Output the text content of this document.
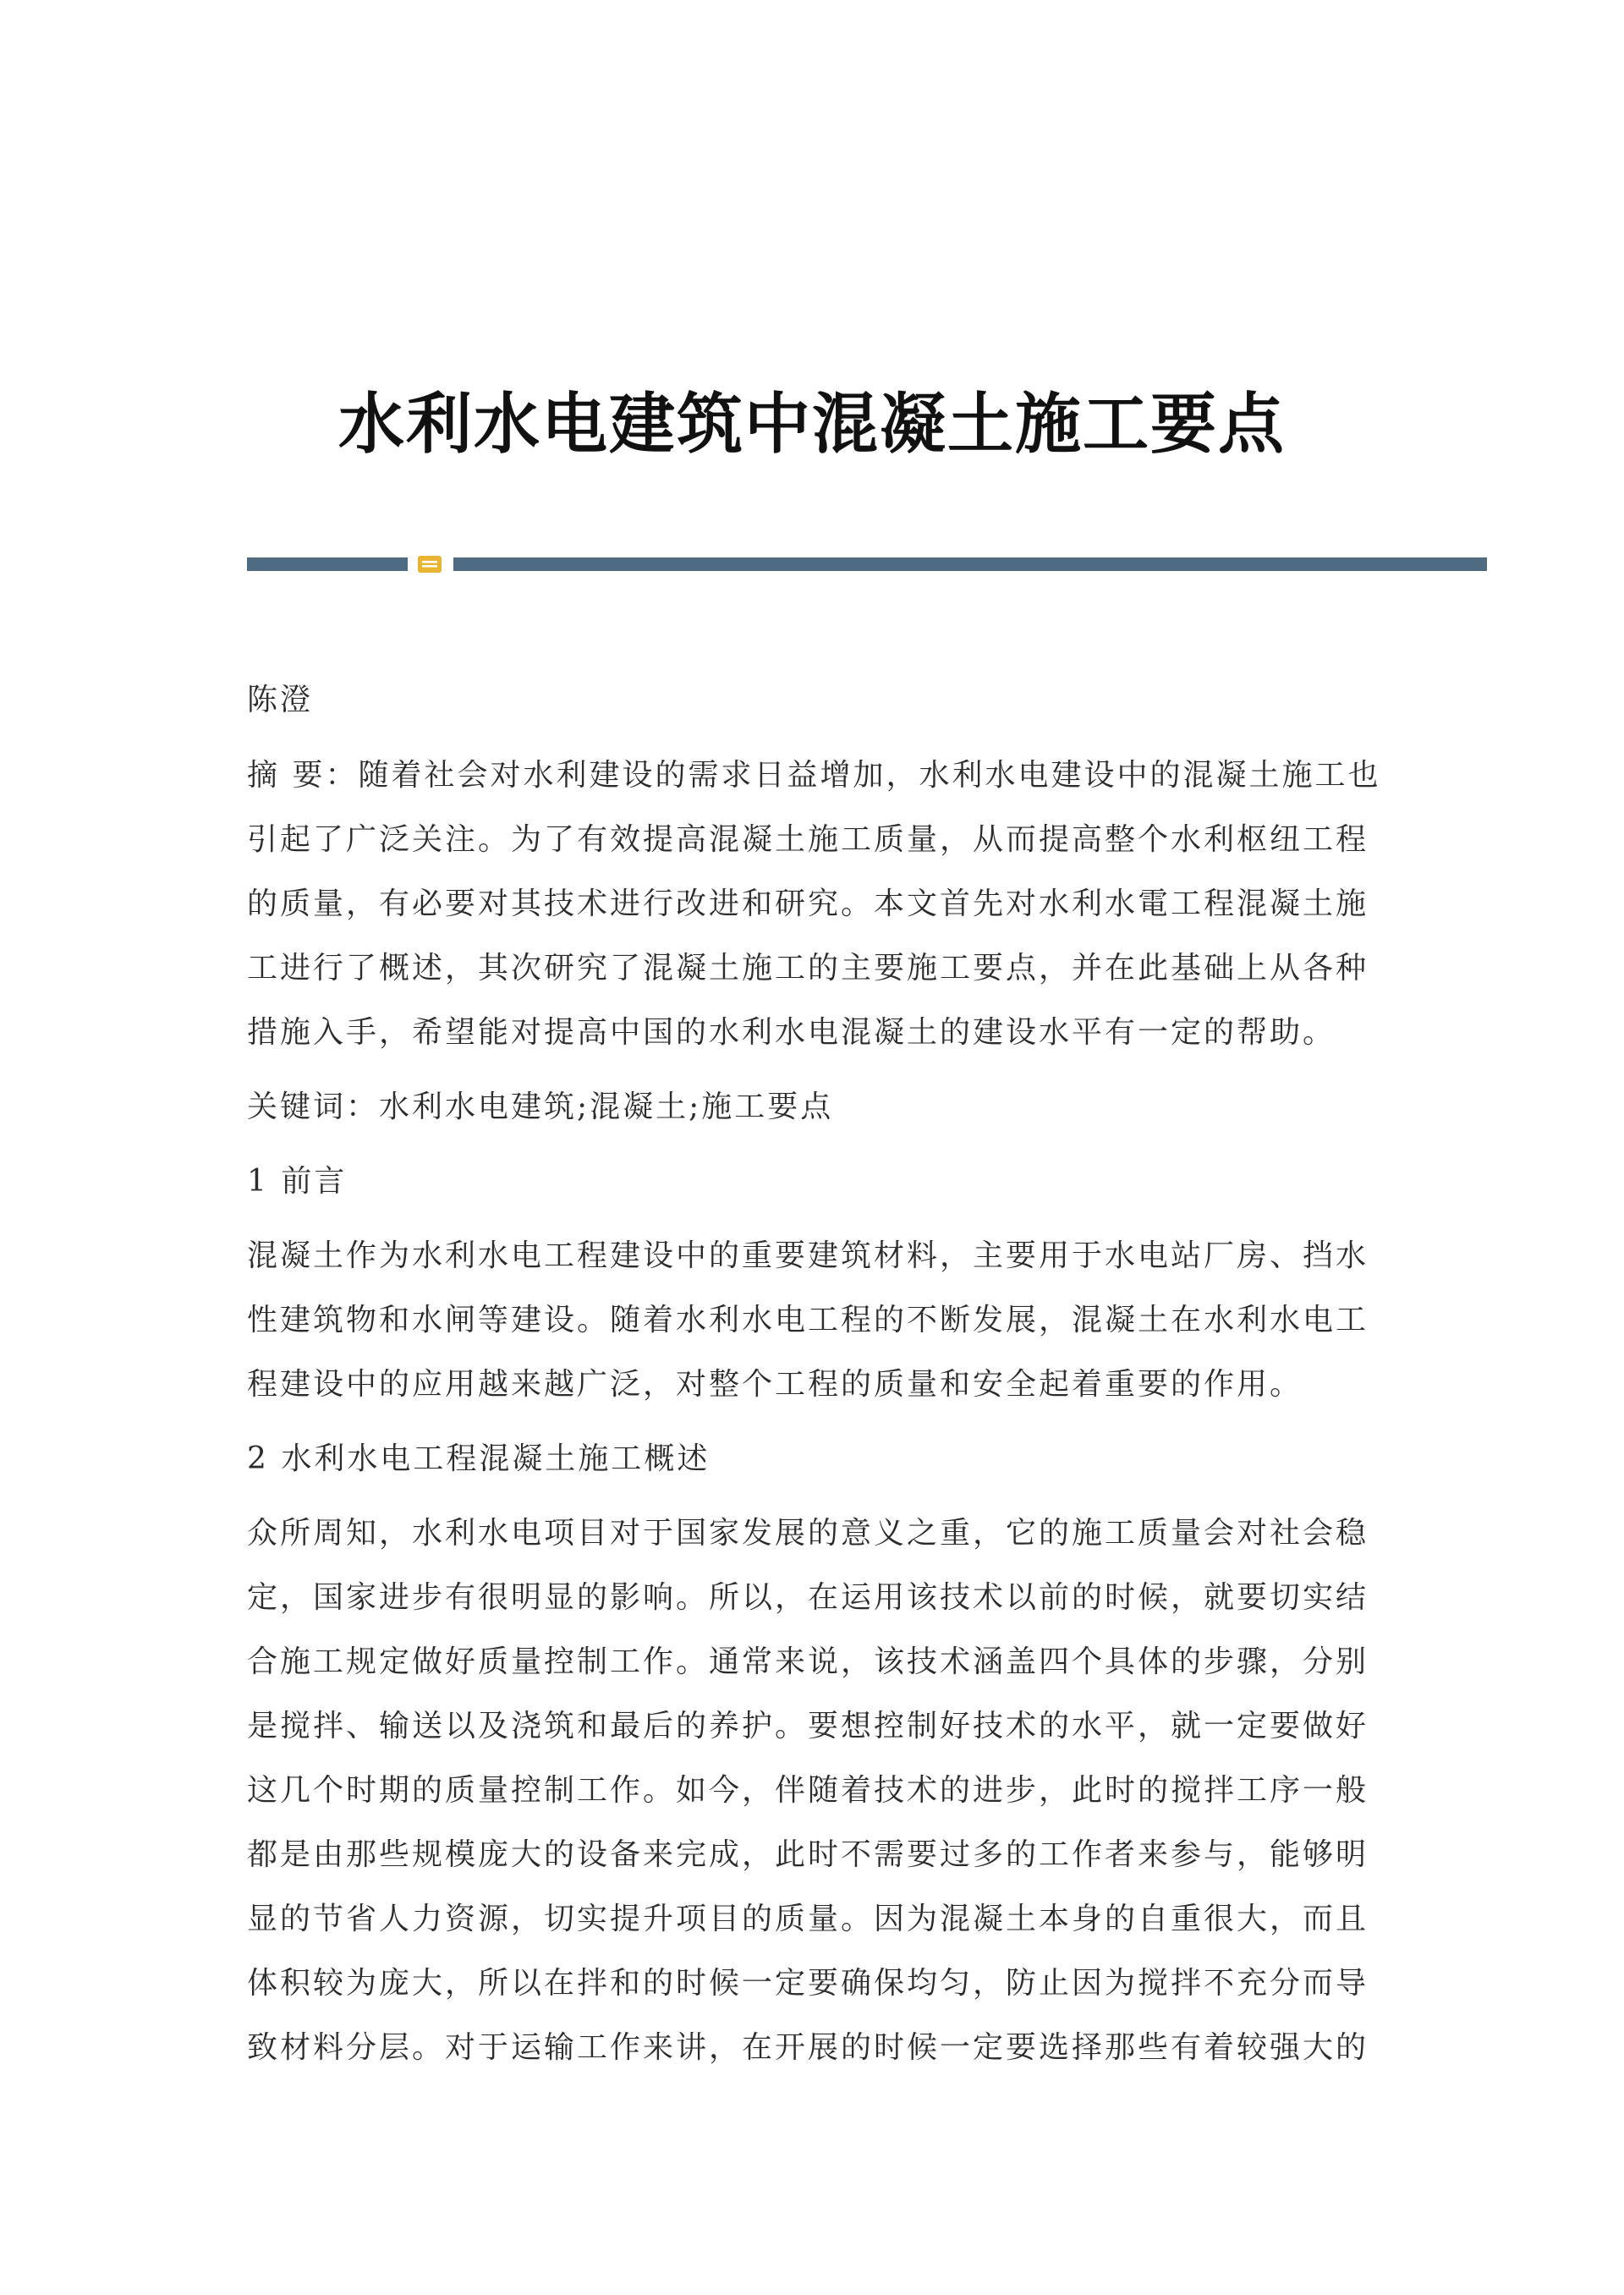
水利水电建筑中混凝土施工要点

陈澄

摘 要：随着社会对水利建设的需求日益增加，水利水电建设中的混凝土施工也引起了广泛关注。为了有效提高混凝土施工质量，从而提高整个水利枢纽工程的质量，有必要对其技术进行改进和研究。本文首先对水利水電工程混凝土施工进行了概述，其次研究了混凝土施工的主要施工要点，并在此基础上从各种措施入手，希望能对提高中国的水利水电混凝土的建设水平有一定的帮助。

关键词：水利水电建筑;混凝土;施工要点

1 前言

混凝土作为水利水电工程建设中的重要建筑材料，主要用于水电站厂房、挡水性建筑物和水闸等建设。随着水利水电工程的不断发展，混凝土在水利水电工程建设中的应用越来越广泛，对整个工程的质量和安全起着重要的作用。

2 水利水电工程混凝土施工概述

众所周知，水利水电项目对于国家发展的意义之重，它的施工质量会对社会稳定，国家进步有很明显的影响。所以，在运用该技术以前的时候，就要切实结合施工规定做好质量控制工作。通常来说，该技术涵盖四个具体的步骤，分别是搅拌、输送以及浇筑和最后的养护。要想控制好技术的水平，就一定要做好这几个时期的质量控制工作。如今，伴随着技术的进步，此时的搅拌工序一般都是由那些规模庞大的设备来完成，此时不需要过多的工作者来参与，能够明显的节省人力资源，切实提升项目的质量。因为混凝土本身的自重很大，而且体积较为庞大，所以在拌和的时候一定要确保均匀，防止因为搅拌不充分而导致材料分层。对于运输工作来讲，在开展的时候一定要选择那些有着较强大的
